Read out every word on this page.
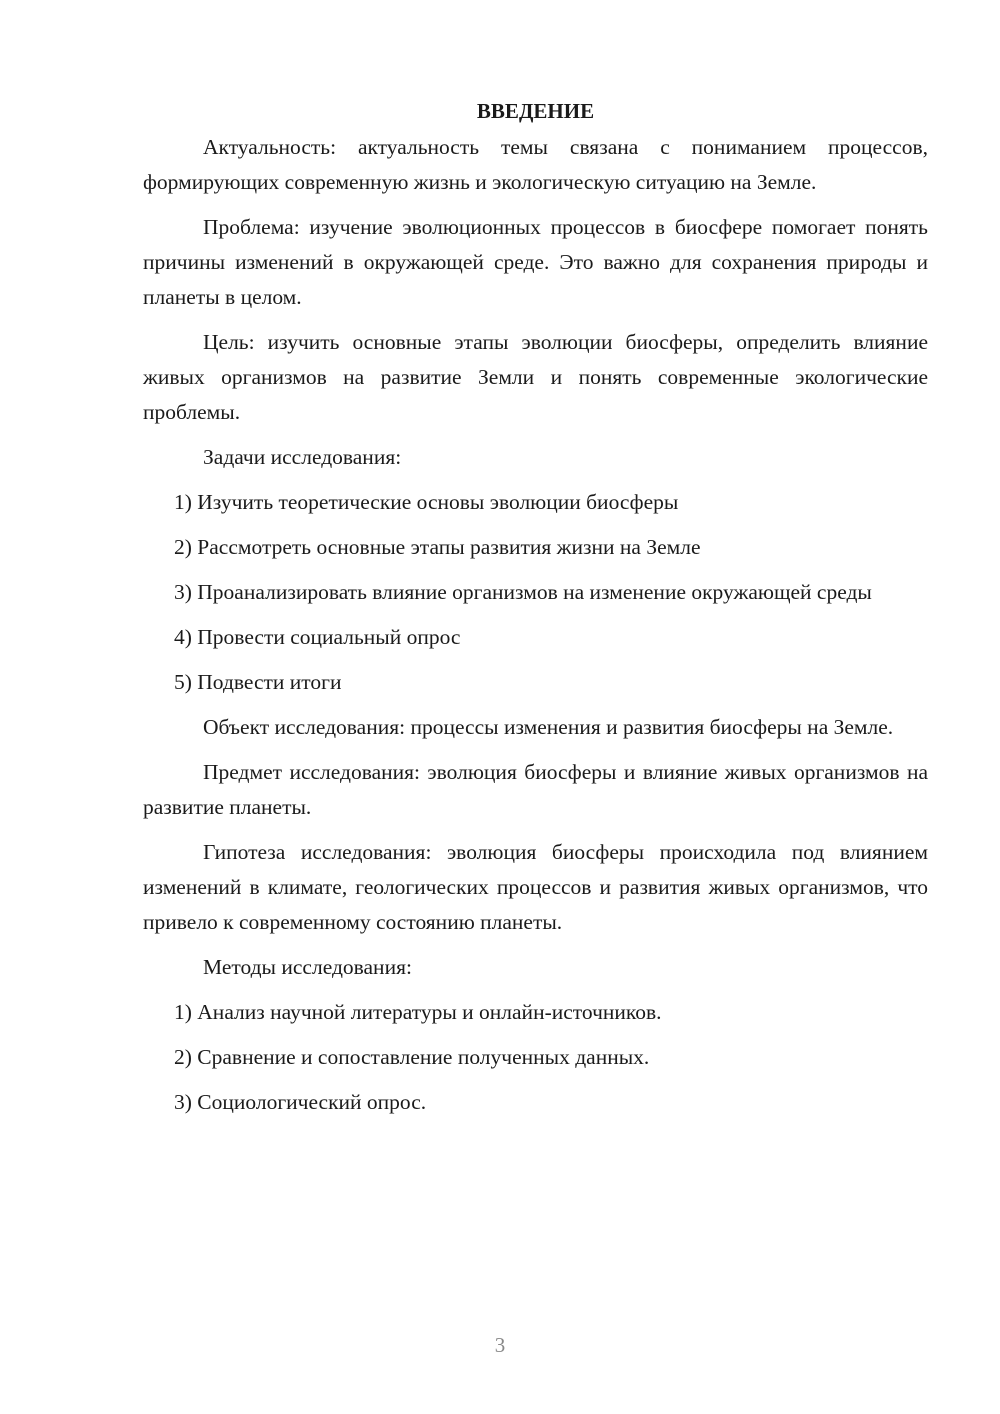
ВВЕДЕНИЕ

Актуальность: актуальность темы связана с пониманием процессов, формирующих современную жизнь и экологическую ситуацию на Земле.

Проблема: изучение эволюционных процессов в биосфере помогает понять причины изменений в окружающей среде. Это важно для сохранения природы и планеты в целом.

Цель: изучить основные этапы эволюции биосферы, определить влияние живых организмов на развитие Земли и понять современные экологические проблемы.

Задачи исследования:

1) Изучить теоретические основы эволюции биосферы

2) Рассмотреть основные этапы развития жизни на Земле

3) Проанализировать влияние организмов на изменение окружающей среды

4) Провести социальный опрос

5) Подвести итоги

Объект исследования: процессы изменения и развития биосферы на Земле.

Предмет исследования: эволюция биосферы и влияние живых организмов на развитие планеты.

Гипотеза исследования: эволюция биосферы происходила под влиянием изменений в климате, геологических процессов и развития живых организмов, что привело к современному состоянию планеты.

Методы исследования:

1) Анализ научной литературы и онлайн-источников.

2) Сравнение и сопоставление полученных данных.

3) Социологический опрос.

3
